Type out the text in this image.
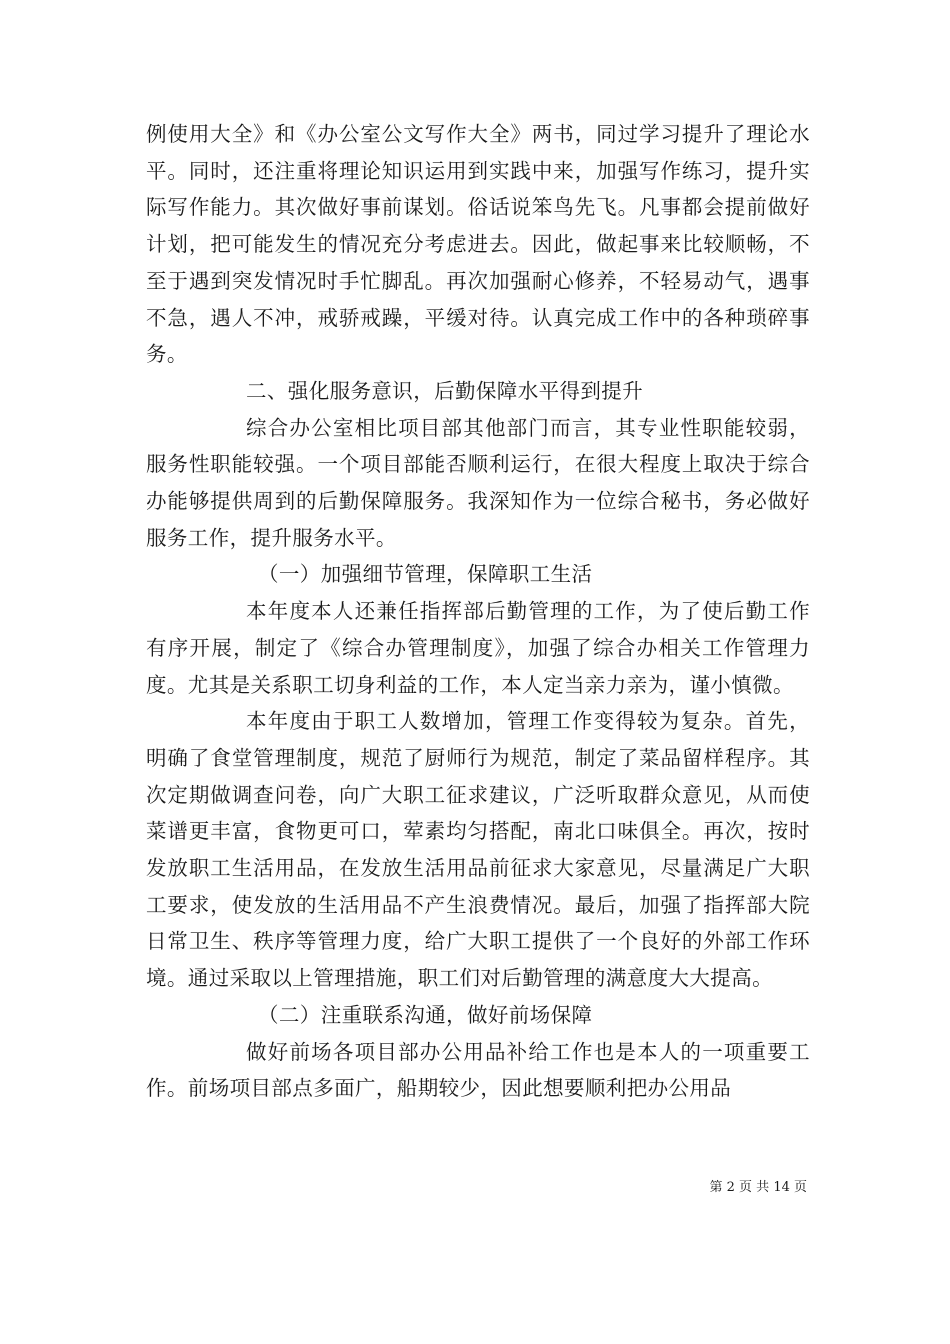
例使用大全》和《办公室公文写作大全》两书，同过学习提升了理论水平。同时，还注重将理论知识运用到实践中来，加强写作练习，提升实际写作能力。其次做好事前谋划。俗话说笨鸟先飞。凡事都会提前做好计划，把可能发生的情况充分考虑进去。因此，做起事来比较顺畅，不至于遇到突发情况时手忙脚乱。再次加强耐心修养，不轻易动气，遇事不急，遇人不冲，戒骄戒躁，平缓对待。认真完成工作中的各种琐碎事务。

二、强化服务意识，后勤保障水平得到提升

综合办公室相比项目部其他部门而言，其专业性职能较弱，服务性职能较强。一个项目部能否顺利运行，在很大程度上取决于综合办能够提供周到的后勤保障服务。我深知作为一位综合秘书，务必做好服务工作，提升服务水平。

（一）加强细节管理，保障职工生活

本年度本人还兼任指挥部后勤管理的工作，为了使后勤工作有序开展，制定了《综合办管理制度》，加强了综合办相关工作管理力度。尤其是关系职工切身利益的工作，本人定当亲力亲为，谨小慎微。

本年度由于职工人数增加，管理工作变得较为复杂。首先，明确了食堂管理制度，规范了厨师行为规范，制定了菜品留样程序。其次定期做调查问卷，向广大职工征求建议，广泛听取群众意见，从而使菜谱更丰富，食物更可口，荤素均匀搭配，南北口味俱全。再次，按时发放职工生活用品，在发放生活用品前征求大家意见，尽量满足广大职工要求，使发放的生活用品不产生浪费情况。最后，加强了指挥部大院日常卫生、秩序等管理力度，给广大职工提供了一个良好的外部工作环境。通过采取以上管理措施，职工们对后勤管理的满意度大大提高。

（二）注重联系沟通，做好前场保障

做好前场各项目部办公用品补给工作也是本人的一项重要工作。前场项目部点多面广，船期较少，因此想要顺利把办公用品

第 2 页 共 14 页
